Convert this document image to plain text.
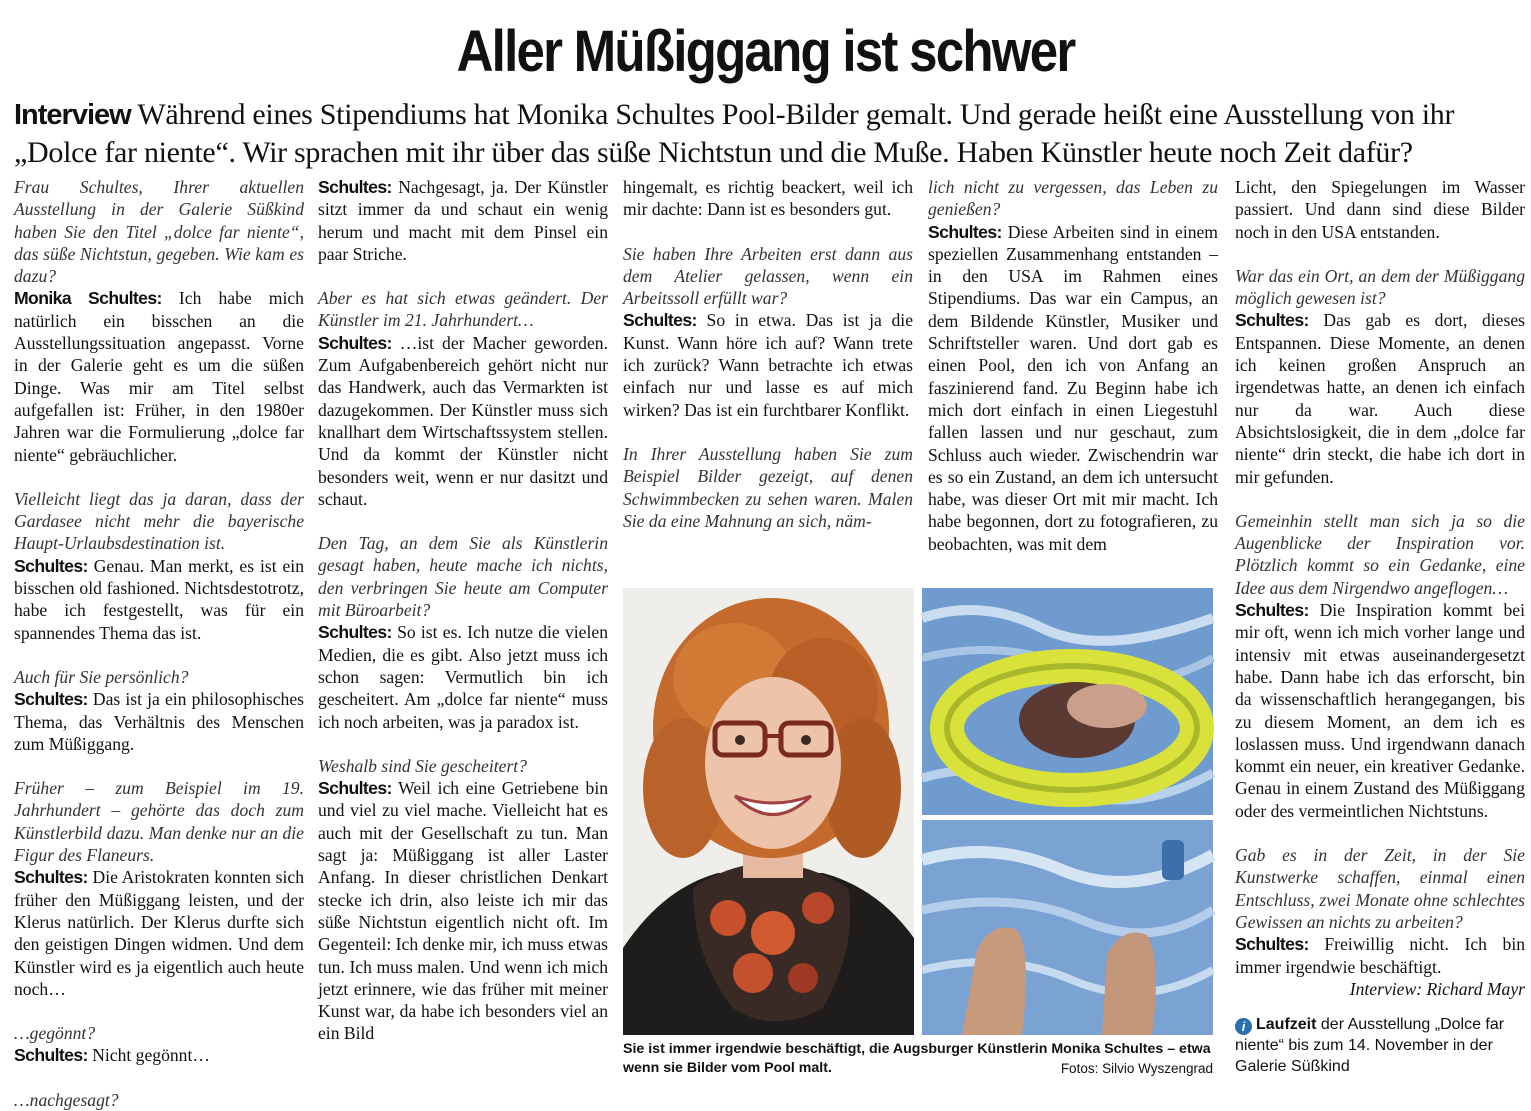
Aller Müßiggang ist schwer
Interview Während eines Stipendiums hat Monika Schultes Pool-Bilder gemalt. Und gerade heißt eine Ausstellung von ihr „Dolce far niente“. Wir sprachen mit ihr über das süße Nichtstun und die Muße. Haben Künstler heute noch Zeit dafür?

Frau Schultes, Ihrer aktuellen Ausstellung in der Galerie Süßkind haben Sie den Titel „dolce far niente“, das süße Nichtstun, gegeben. Wie kam es dazu?

Monika Schultes: Ich habe mich natürlich ein bisschen an die Ausstellungssituation angepasst. Vorne in der Galerie geht es um die süßen Dinge. Was mir am Titel selbst aufgefallen ist: Früher, in den 1980er Jahren war die Formulierung „dolce far niente“ gebräuchlicher.

Vielleicht liegt das ja daran, dass der Gardasee nicht mehr die bayerische Haupt-Urlaubsdestination ist.

Schultes: Genau. Man merkt, es ist ein bisschen old fashioned. Nichtsdestotrotz, habe ich festgestellt, was für ein spannendes Thema das ist.

Auch für Sie persönlich?

Schultes: Das ist ja ein philosophisches Thema, das Verhältnis des Menschen zum Müßiggang.

Früher – zum Beispiel im 19. Jahrhundert – gehörte das doch zum Künstlerbild dazu. Man denke nur an die Figur des Flaneurs.

Schultes: Die Aristokraten konnten sich früher den Müßiggang leisten, und der Klerus natürlich. Der Klerus durfte sich den geistigen Dingen widmen. Und dem Künstler wird es ja eigentlich auch heute noch…

…gegönnt?

Schultes: Nicht gegönnt…

…nachgesagt?

Schultes: Nachgesagt, ja. Der Künstler sitzt immer da und schaut ein wenig herum und macht mit dem Pinsel ein paar Striche.

Aber es hat sich etwas geändert. Der Künstler im 21. Jahrhundert…

Schultes: …ist der Macher geworden. Zum Aufgabenbereich gehört nicht nur das Handwerk, auch das Vermarkten ist dazugekommen. Der Künstler muss sich knallhart dem Wirtschaftssystem stellen. Und da kommt der Künstler nicht besonders weit, wenn er nur dasitzt und schaut.

Den Tag, an dem Sie als Künstlerin gesagt haben, heute mache ich nichts, den verbringen Sie heute am Computer mit Büroarbeit?

Schultes: So ist es. Ich nutze die vielen Medien, die es gibt. Also jetzt muss ich schon sagen: Vermutlich bin ich gescheitert. Am „dolce far niente“ muss ich noch arbeiten, was ja paradox ist.

Weshalb sind Sie gescheitert?

Schultes: Weil ich eine Getriebene bin und viel zu viel mache. Vielleicht hat es auch mit der Gesellschaft zu tun. Man sagt ja: Müßiggang ist aller Laster Anfang. In dieser christlichen Denkart stecke ich drin, also leiste ich mir das süße Nichtstun eigentlich nicht oft. Im Gegenteil: Ich denke mir, ich muss etwas tun. Ich muss malen. Und wenn ich mich jetzt erinnere, wie das früher mit meiner Kunst war, da habe ich besonders viel an ein Bild

hingemalt, es richtig beackert, weil ich mir dachte: Dann ist es besonders gut.

Sie haben Ihre Arbeiten erst dann aus dem Atelier gelassen, wenn ein Arbeitssoll erfüllt war?

Schultes: So in etwa. Das ist ja die Kunst. Wann höre ich auf? Wann trete ich zurück? Wann betrachte ich etwas einfach nur und lasse es auf mich wirken? Das ist ein furchtbarer Konflikt.

In Ihrer Ausstellung haben Sie zum Beispiel Bilder gezeigt, auf denen Schwimmbecken zu sehen waren. Malen Sie da eine Mahnung an sich, näm-

lich nicht zu vergessen, das Leben zu genießen?

Schultes: Diese Arbeiten sind in einem speziellen Zusammenhang entstanden – in den USA im Rahmen eines Stipendiums. Das war ein Campus, an dem Bildende Künstler, Musiker und Schriftsteller waren. Und dort gab es einen Pool, den ich von Anfang an faszinierend fand. Zu Beginn habe ich mich dort einfach in einen Liegestuhl fallen lassen und nur geschaut, zum Schluss auch wieder. Zwischendrin war es so ein Zustand, an dem ich untersucht habe, was dieser Ort mit mir macht. Ich habe begonnen, dort zu fotografieren, zu beobachten, was mit dem

Licht, den Spiegelungen im Wasser passiert. Und dann sind diese Bilder noch in den USA entstanden.

War das ein Ort, an dem der Müßiggang möglich gewesen ist?

Schultes: Das gab es dort, dieses Entspannen. Diese Momente, an denen ich keinen großen Anspruch an irgendetwas hatte, an denen ich einfach nur da war. Auch diese Absichtslosigkeit, die in dem „dolce far niente“ drin steckt, die habe ich dort in mir gefunden.

Gemeinhin stellt man sich ja so die Augenblicke der Inspiration vor. Plötzlich kommt so ein Gedanke, eine Idee aus dem Nirgendwo angeflogen…

Schultes: Die Inspiration kommt bei mir oft, wenn ich mich vorher lange und intensiv mit etwas auseinandergesetzt habe. Dann habe ich das erforscht, bin da wissenschaftlich herangegangen, bis zu diesem Moment, an dem ich es loslassen muss. Und irgendwann danach kommt ein neuer, ein kreativer Gedanke. Genau in einem Zustand des Müßiggang oder des vermeintlichen Nichtstuns.

Gab es in der Zeit, in der Sie Kunstwerke schaffen, einmal einen Entschluss, zwei Monate ohne schlechtes Gewissen an nichts zu arbeiten?

Schultes: Freiwillig nicht. Ich bin immer irgendwie beschäftigt.

Interview: Richard Mayr

Sie ist immer irgendwie beschäftigt, die Augsburger Künstlerin Monika Schultes – etwa wenn sie Bilder vom Pool malt.	Fotos: Silvio Wyszengrad
i Laufzeit der Ausstellung „Dolce far niente“ bis zum 14. November in der Galerie Süßkind
